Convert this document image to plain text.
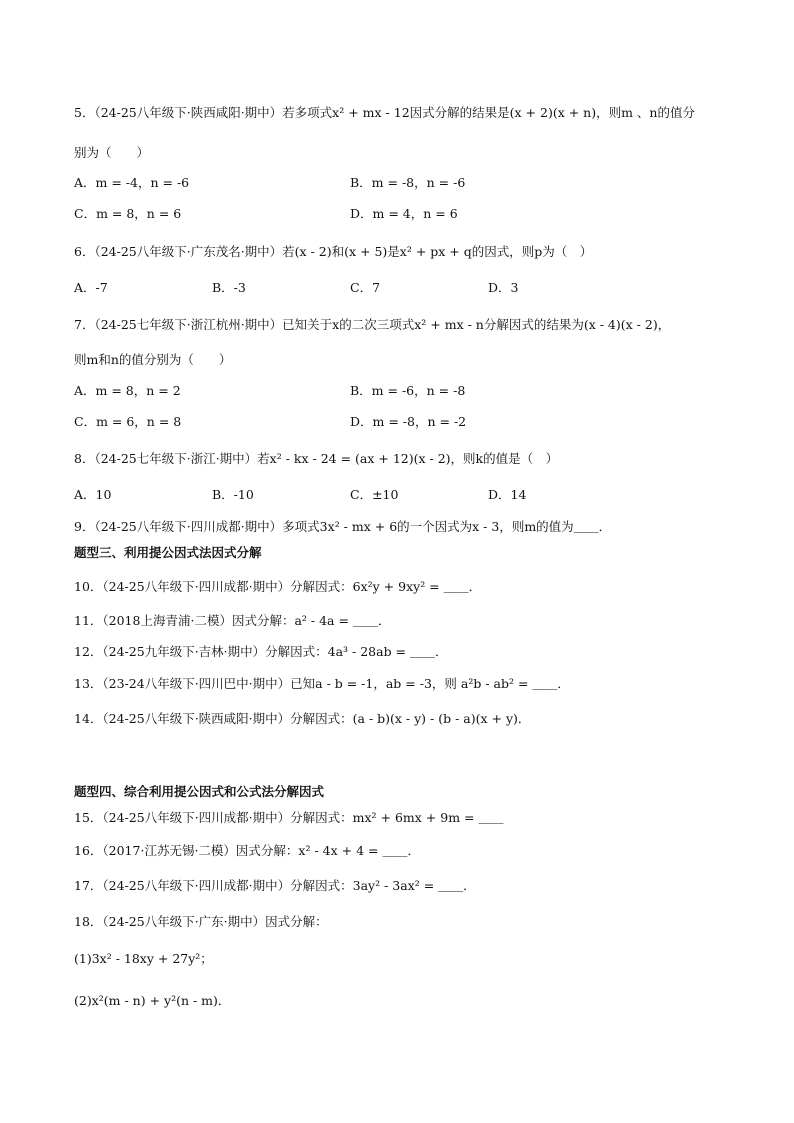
5．（24-25八年级下·陕西咸阳·期中）若多项式x² + mx - 12因式分解的结果是(x + 2)(x + n)，则m 、n的值分
别为（　　）
A．m = -4，n = -6	B．m = -8，n = -6
C．m = 8，n = 6	D．m = 4，n = 6
6．（24-25八年级下·广东茂名·期中）若(x - 2)和(x + 5)是x² + px + q的因式，则p为（　）
A．-7	B．-3	C．7	D．3
7．（24-25七年级下·浙江杭州·期中）已知关于x的二次三项式x² + mx - n分解因式的结果为(x - 4)(x - 2)，
则m和n的值分别为（　　）
A．m = 8，n = 2	B．m = -6，n = -8
C．m = 6，n = 8	D．m = -8，n = -2
8．（24-25七年级下·浙江·期中）若x² - kx - 24 = (ax + 12)(x - 2)，则k的值是（　）
A．10	B．-10	C．±10	D．14
9．（24-25八年级下·四川成都·期中）多项式3x² - mx + 6的一个因式为x - 3，则m的值为＿＿．
题型三、利用提公因式法因式分解
10．（24-25八年级下·四川成都·期中）分解因式：6x²y + 9xy² = ＿＿．
11．（2018上海青浦·二模）因式分解：a² - 4a = ＿＿．
12．（24-25九年级下·吉林·期中）分解因式：4a³ - 28ab = ＿＿．
13．（23-24八年级下·四川巴中·期中）已知a - b = -1，ab = -3，则 a²b - ab² = ＿＿．
14．（24-25八年级下·陕西咸阳·期中）分解因式：(a - b)(x - y) - (b - a)(x + y)．
题型四、综合利用提公因式和公式法分解因式
15．（24-25八年级下·四川成都·期中）分解因式：mx² + 6mx + 9m = ＿＿
16．（2017·江苏无锡·二模）因式分解：x² - 4x + 4 = ＿＿．
17．（24-25八年级下·四川成都·期中）分解因式：3ay² - 3ax² = ＿＿．
18．（24-25八年级下·广东·期中）因式分解：
(1)3x² - 18xy + 27y²；
(2)x²(m - n) + y²(n - m)．
